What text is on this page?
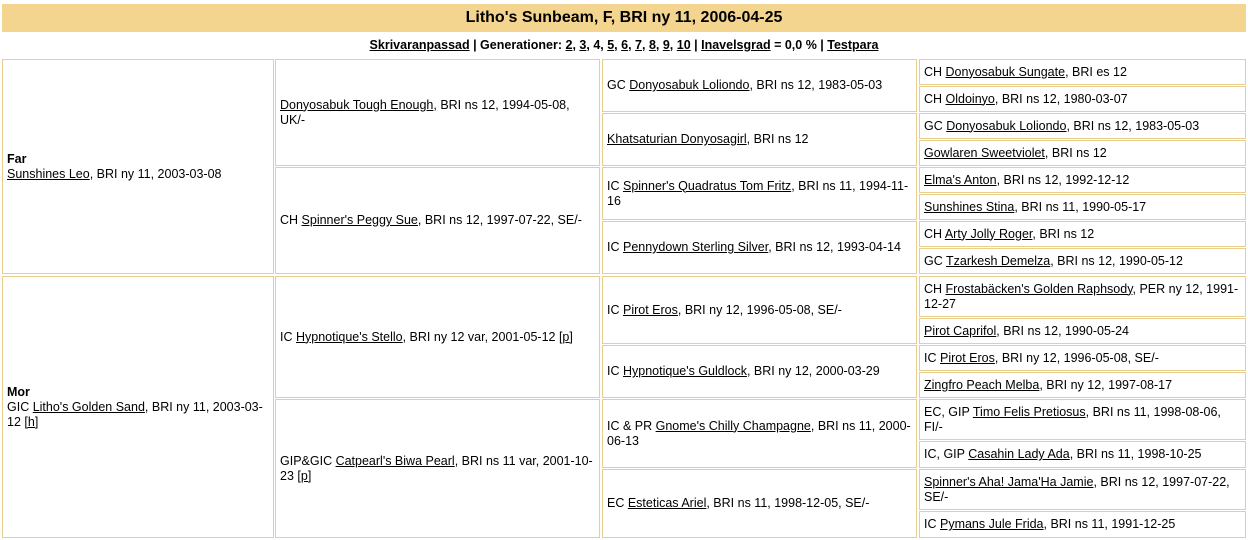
Litho's Sunbeam, F, BRI ny 11, 2006-04-25
Skrivaranpassad | Generationer: 2, 3, 4, 5, 6, 7, 8, 9, 10 | Inavelsgrad = 0,0 % | Testpara
CH Donyosabuk Sungate, BRI es 12
CH Oldoinyo, BRI ns 12, 1980-03-07
GC Donyosabuk Loliondo, BRI ns 12, 1983-05-03
Gowlaren Sweetviolet, BRI ns 12
Elma's Anton, BRI ns 12, 1992-12-12
Sunshines Stina, BRI ns 11, 1990-05-17
CH Arty Jolly Roger, BRI ns 12
GC Tzarkesh Demelza, BRI ns 12, 1990-05-12
CH Frostabäcken's Golden Raphsody, PER ny 12, 1991-12-27
Pirot Caprifol, BRI ns 12, 1990-05-24
IC Pirot Eros, BRI ny 12, 1996-05-08, SE/-
Zingfro Peach Melba, BRI ny 12, 1997-08-17
EC, GIP Timo Felis Pretiosus, BRI ns 11, 1998-08-06, FI/-
IC, GIP Casahin Lady Ada, BRI ns 11, 1998-10-25
Spinner's Aha! Jama'Ha Jamie, BRI ns 12, 1997-07-22, SE/-
IC Pymans Jule Frida, BRI ns 11, 1991-12-25
GC Donyosabuk Loliondo, BRI ns 12, 1983-05-03
Khatsaturian Donyosagirl, BRI ns 12
IC Spinner's Quadratus Tom Fritz, BRI ns 11, 1994-11-16
IC Pennydown Sterling Silver, BRI ns 12, 1993-04-14
IC Pirot Eros, BRI ny 12, 1996-05-08, SE/-
IC Hypnotique's Guldlock, BRI ny 12, 2000-03-29
IC & PR Gnome's Chilly Champagne, BRI ns 11, 2000-06-13
EC Esteticas Ariel, BRI ns 11, 1998-12-05, SE/-
Donyosabuk Tough Enough, BRI ns 12, 1994-05-08, UK/-
CH Spinner's Peggy Sue, BRI ns 12, 1997-07-22, SE/-
IC Hypnotique's Stello, BRI ny 12 var, 2001-05-12 [p]
GIP&GIC Catpearl's Biwa Pearl, BRI ns 11 var, 2001-10-23 [p]
Far
Sunshines Leo, BRI ny 11, 2003-03-08
Mor
GIC Litho's Golden Sand, BRI ny 11, 2003-03-12 [h]
